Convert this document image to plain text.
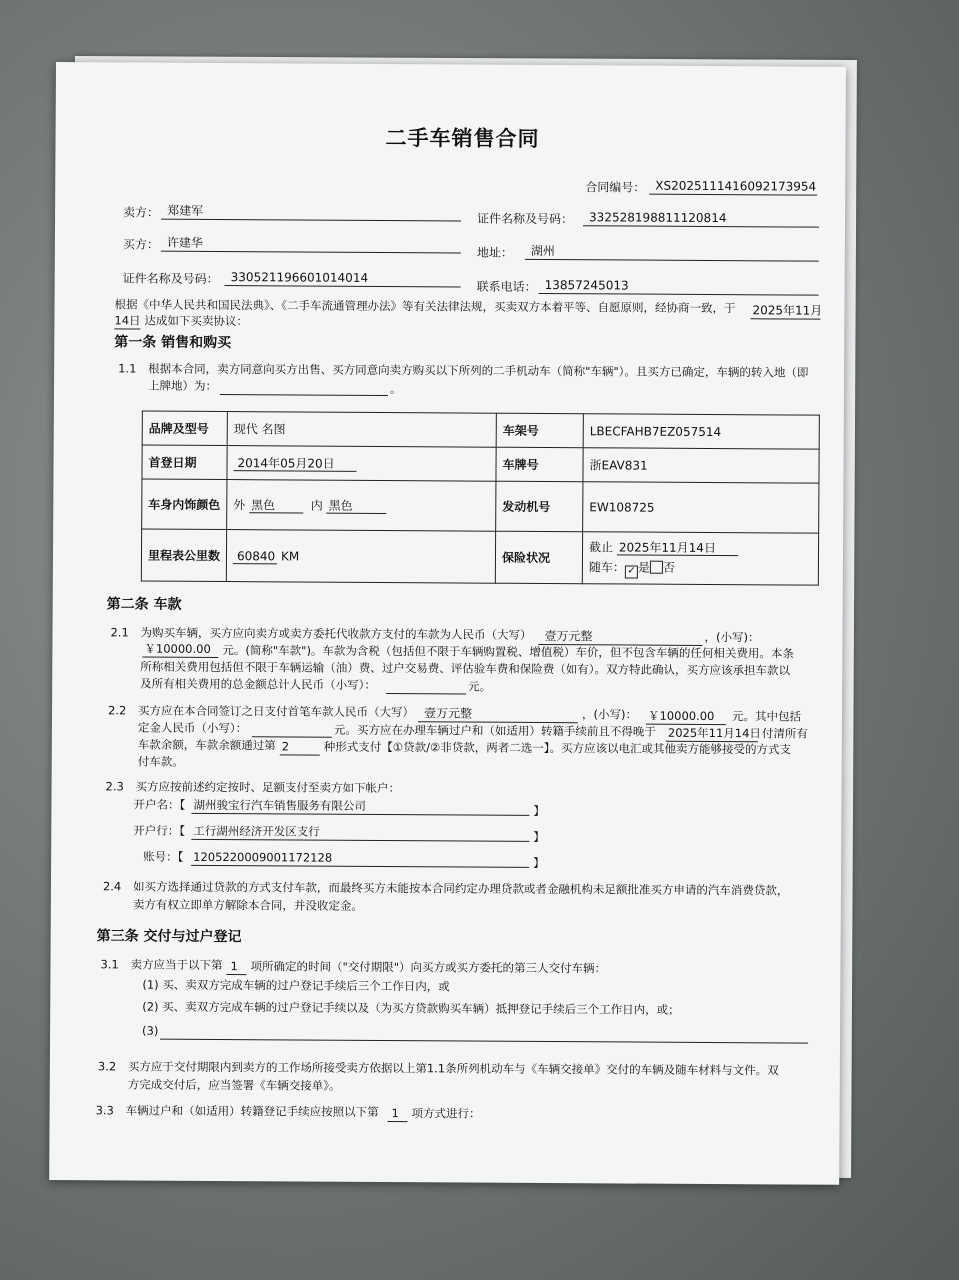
二手车销售合同
合同编号： XS2025111416092173954
卖方： 郑建军
证件名称及号码：	332528198811120814
买方： 许建华
地址：	湖州
证件名称及号码： 330521196601014014
联系电话： 13857245013
根据《中华人民共和国民法典》、《二手车流通管理办法》等有关法律法规，买卖双方本着平等、自愿原则，经协商一致，于 2025年11月
14日 达成如下买卖协议：
第一条 销售和购买
1.1 根据本合同，卖方同意向买方出售、买方同意向卖方购买以下所列的二手机动车（简称"车辆"）。且买方已确定，车辆的转入地（即
上牌地）为：	。
品牌及型号	现代 名图	车架号	LBECFAHB7EZ057514
首登日期	2014年05月20日	车牌号	浙EAV831
车身内饰颜色	外 黑色 内 黑色	发动机号	EW108725
里程表公里数	60840 KM	保险状况	截止 2025年11月14日
随车： ✓ 是 否
第二条 车款
2.1 为购买车辆，买方应向卖方或卖方委托代收款方支付的车款为人民币（大写）	壹万元整	，(小写)：
￥10000.00 元。(简称"车款")。车款为含税（包括但不限于车辆购置税、增值税）车价，但不包含车辆的任何相关费用。本条
所称相关费用包括但不限于车辆运输（油）费、过户交易费、评估验车费和保险费（如有）。双方特此确认，买方应该承担车款以
及所有相关费用的总金额总计人民币（小写）：	元。
2.2 买方应在本合同签订之日支付首笔车款人民币（大写） 壹万元整	，(小写)： ￥10000.00 元。其中包括
定金人民币（小写）：	元。买方应在办理车辆过户和（如适用）转籍手续前且不得晚于 2025年11月14日 付清所有
车款余额，车款余额通过第 2	种形式支付【①贷款/②非贷款，两者二选一】。买方应该以电汇或其他卖方能够接受的方式支
付车款。
2.3 买方应按前述约定按时、足额支付至卖方如下帐户：
开户名：【 湖州骏宝行汽车销售服务有限公司	】
开户行：【 工行湖州经济开发区支行	】
账号：【 1205220009001172128	】
2.4 如买方选择通过贷款的方式支付车款，而最终买方未能按本合同约定办理贷款或者金融机构未足额批准买方申请的汽车消费贷款，
卖方有权立即单方解除本合同，并没收定金。
第三条 交付与过户登记
3.1 卖方应当于以下第 1 项所确定的时间（"交付期限"）向买方或买方委托的第三人交付车辆：
(1) 买、卖双方完成车辆的过户登记手续后三个工作日内，或
(2) 买、卖双方完成车辆的过户登记手续以及（为买方贷款购买车辆）抵押登记手续后三个工作日内，或；
(3)
3.2 买方应于交付期限内到卖方的工作场所接受卖方依据以上第1.1条所列机动车与《车辆交接单》交付的车辆及随车材料与文件。双
方完成交付后，应当签署《车辆交接单》。
3.3 车辆过户和（如适用）转籍登记手续应按照以下第 1 项方式进行：
